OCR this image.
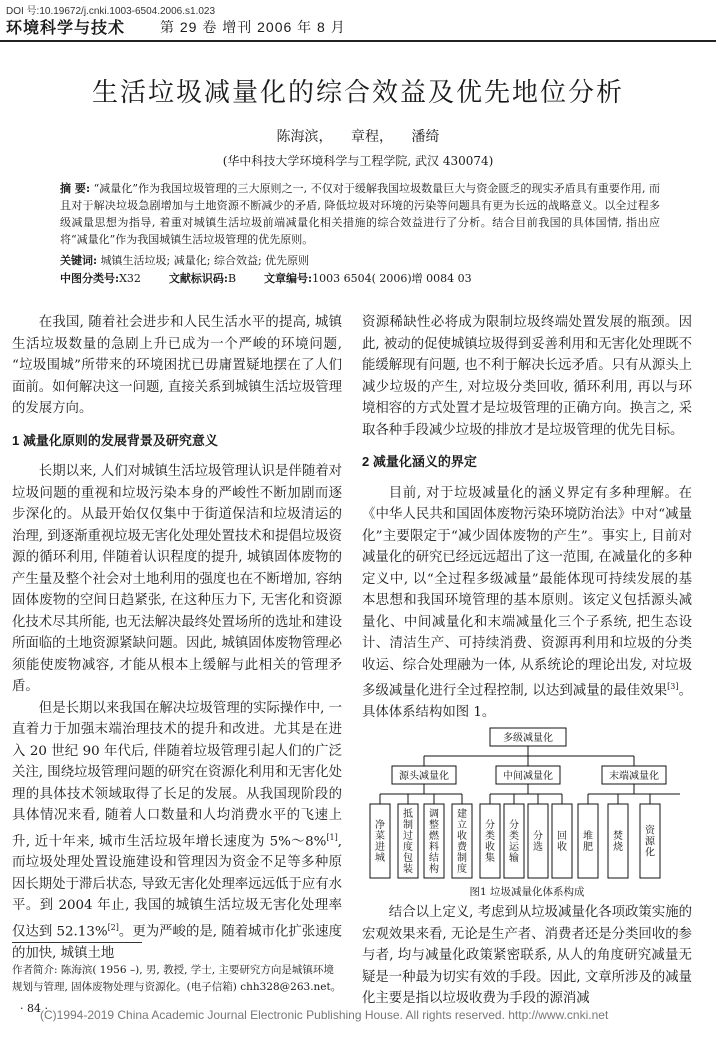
DOI 号:10.19672/j.cnki.1003-6504.2006.s1.023
环境科学与技术 第 29 卷 增刊 2006 年 8 月
生活垃圾减量化的综合效益及优先地位分析
陈海滨， 章程， 潘绮
(华中科技大学环境科学与工程学院, 武汉 430074)
摘 要: “减量化”作为我国垃圾管理的三大原则之一, 不仅对于缓解我国垃圾数量巨大与资金匮乏的现实矛盾具有重要作用, 而且对于解决垃圾急剧增加与土地资源不断减少的矛盾, 降低垃圾对环境的污染等问题具有更为长远的战略意义。以全过程多级减量思想为指导, 着重对城镇生活垃圾前端减量化相关措施的综合效益进行了分析。结合目前我国的具体国情, 指出应将“减量化”作为我国城镇生活垃圾管理的优先原则。
关键词: 城镇生活垃圾; 减量化; 综合效益; 优先原则
中图分类号:X32	文献标识码:B	文章编号:1003 6504( 2006)增 0084 03

在我国, 随着社会进步和人民生活水平的提高, 城镇生活垃圾数量的急剧上升已成为一个严峻的环境问题, “垃圾围城”所带来的环境困扰已毋庸置疑地摆在了人们面前。如何解决这一问题, 直接关系到城镇生活垃圾管理的发展方向。

1 减量化原则的发展背景及研究意义

长期以来, 人们对城镇生活垃圾管理认识是伴随着对垃圾问题的重视和垃圾污染本身的严峻性不断加剧而逐步深化的。从最开始仅仅集中于街道保洁和垃圾清运的治理, 到逐渐重视垃圾无害化处理处置技术和提倡垃圾资源的循环利用, 伴随着认识程度的提升, 城镇固体废物的产生量及整个社会对土地利用的强度也在不断增加, 容纳固体废物的空间日趋紧张, 在这种压力下, 无害化和资源化技术尽其所能, 也无法解决最终处置场所的选址和建设所面临的土地资源紧缺问题。因此, 城镇固体废物管理必须能使废物减容, 才能从根本上缓解与此相关的管理矛盾。

但是长期以来我国在解决垃圾管理的实际操作中, 一直着力于加强末端治理技术的提升和改进。尤其是在进入 20 世纪 90 年代后, 伴随着垃圾管理引起人们的广泛关注, 围绕垃圾管理问题的研究在资源化利用和无害化处理的具体技术领域取得了长足的发展。从我国现阶段的具体情况来看, 随着人口数量和人均消费水平的飞速上升, 近十年来, 城市生活垃圾年增长速度为 5%～8%[1], 而垃圾处理处置设施建设和管理因为资金不足等多种原因长期处于滞后状态, 导致无害化处理率远远低于应有水平。到 2004 年止, 我国的城镇生活垃圾无害化处理率仅达到 52.13%[2]。更为严峻的是, 随着城市化扩张速度的加快, 城镇土地

资源稀缺性必将成为限制垃圾终端处置发展的瓶颈。因此, 被动的促使城镇垃圾得到妥善利用和无害化处理既不能缓解现有问题, 也不利于解决长远矛盾。只有从源头上减少垃圾的产生, 对垃圾分类回收, 循环利用, 再以与环境相容的方式处置才是垃圾管理的正确方向。换言之, 采取各种手段减少垃圾的排放才是垃圾管理的优先目标。

2 减量化涵义的界定

目前, 对于垃圾减量化的涵义界定有多种理解。在《中华人民共和国固体废物污染环境防治法》中对“减量化”主要限定于“减少固体废物的产生”。事实上, 目前对减量化的研究已经远远超出了这一范围, 在减量化的多种定义中, 以“全过程多级减量”最能体现可持续发展的基本思想和我国环境管理的基本原则。该定义包括源头减量化、中间减量化和末端减量化三个子系统, 把生态设计、清洁生产、可持续消费、资源再利用和垃圾的分类收运、综合处理融为一体, 从系统论的理论出发, 对垃圾多级减量化进行全过程控制, 以达到减量的最佳效果[3]。具体体系结构如图 1。

净菜进城
抵制过度包装
调整燃料结构
建立收费制度
分类收集
分类运输
分选
回收
堆肥
焚烧
资源化
多级减量化
源头减量化	中间减量化	末端减量化
图1 垃圾减量化体系构成

结合以上定义, 考虑到从垃圾减量化各项政策实施的宏观效果来看, 无论是生产者、消费者还是分类回收的参与者, 均与减量化政策紧密联系, 从人的角度研究减量无疑是一种最为切实有效的手段。因此, 文章所涉及的减量化主要是指以垃圾收费为手段的源消减

作者简介: 陈海滨( 1956 –), 男, 教授, 学士, 主要研究方向是城镇环境规划与管理, 固体废物处理与资源化。(电子信箱) chh328@263.net。
· 84 ·
(C)1994-2019 China Academic Journal Electronic Publishing House. All rights reserved. http://www.cnki.net
